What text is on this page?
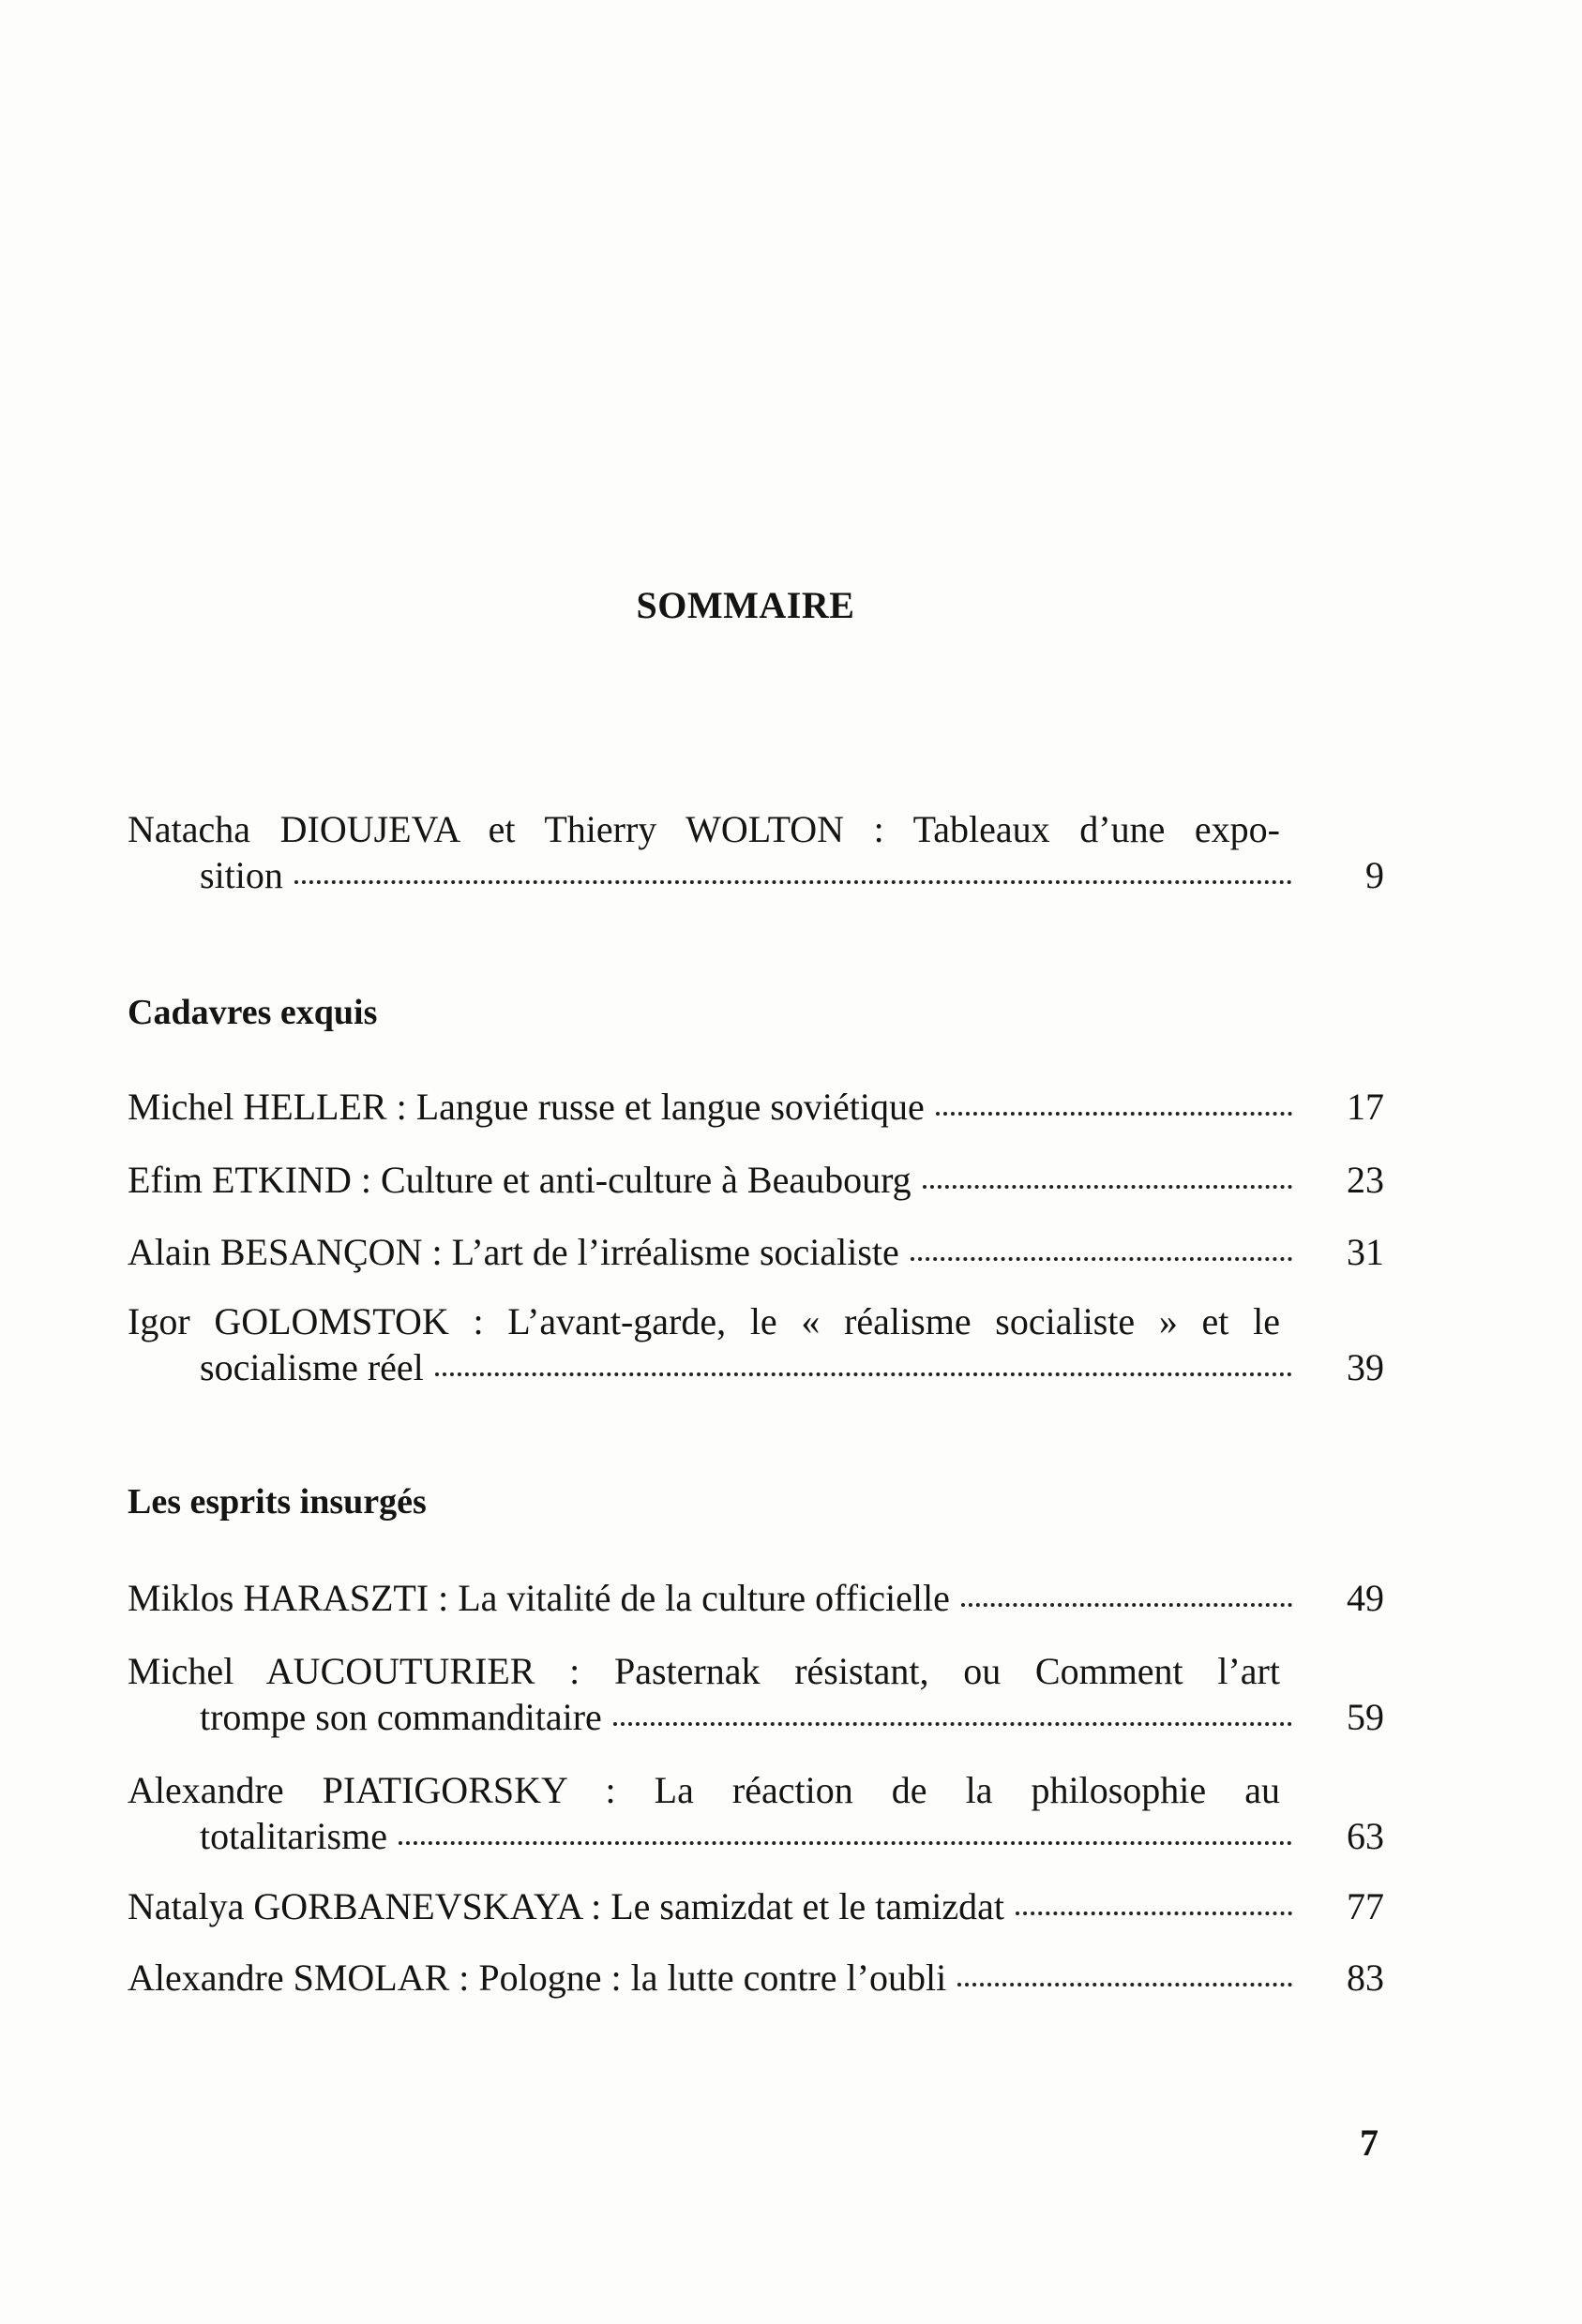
SOMMAIRE
Natacha DIOUJEVA et Thierry WOLTON : Tableaux d’une expo-
sition	9
Cadavres exquis
Michel HELLER : Langue russe et langue soviétique	17
Efim ETKIND : Culture et anti-culture à Beaubourg	23
Alain BESANÇON : L’art de l’irréalisme socialiste	31
Igor GOLOMSTOK : L’avant-garde, le « réalisme socialiste » et le
socialisme réel	39
Les esprits insurgés
Miklos HARASZTI : La vitalité de la culture officielle	49
Michel AUCOUTURIER : Pasternak résistant, ou Comment l’art
trompe son commanditaire	59
Alexandre PIATIGORSKY : La réaction de la philosophie au
totalitarisme	63
Natalya GORBANEVSKAYA : Le samizdat et le tamizdat	77
Alexandre SMOLAR : Pologne : la lutte contre l’oubli	83
7
